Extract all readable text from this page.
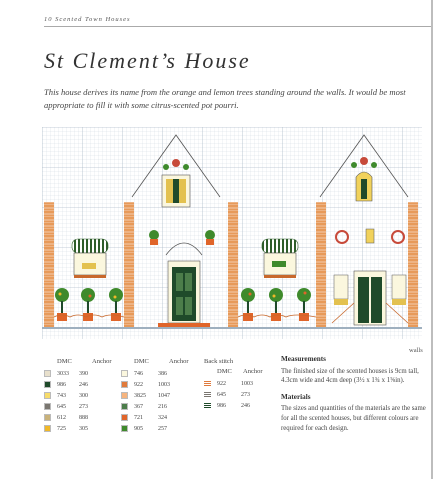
10 Scented Town Houses
St Clement’s House
This house derives its name from the orange and lemon trees standing around the walls. It would be most appropriate to fill it with some citrus-scented pot pourri.
walls
DMC	Anchor
3033	390
986	246
743	300
645	273
612	888
725	305
DMC	Anchor
746	386
922	1003
3825	1047
367	216
721	324
905	257
Back stitch
DMC Anchor
922	1003
645	273
986	246
Measurements

The finished size of the scented houses is 9cm tall, 4.3cm wide and 4cm deep (3½ x 1¾ x 1⅝in).

Materials

The sizes and quantities of the materials are the same for all the scented houses, but different colours are required for each design.
